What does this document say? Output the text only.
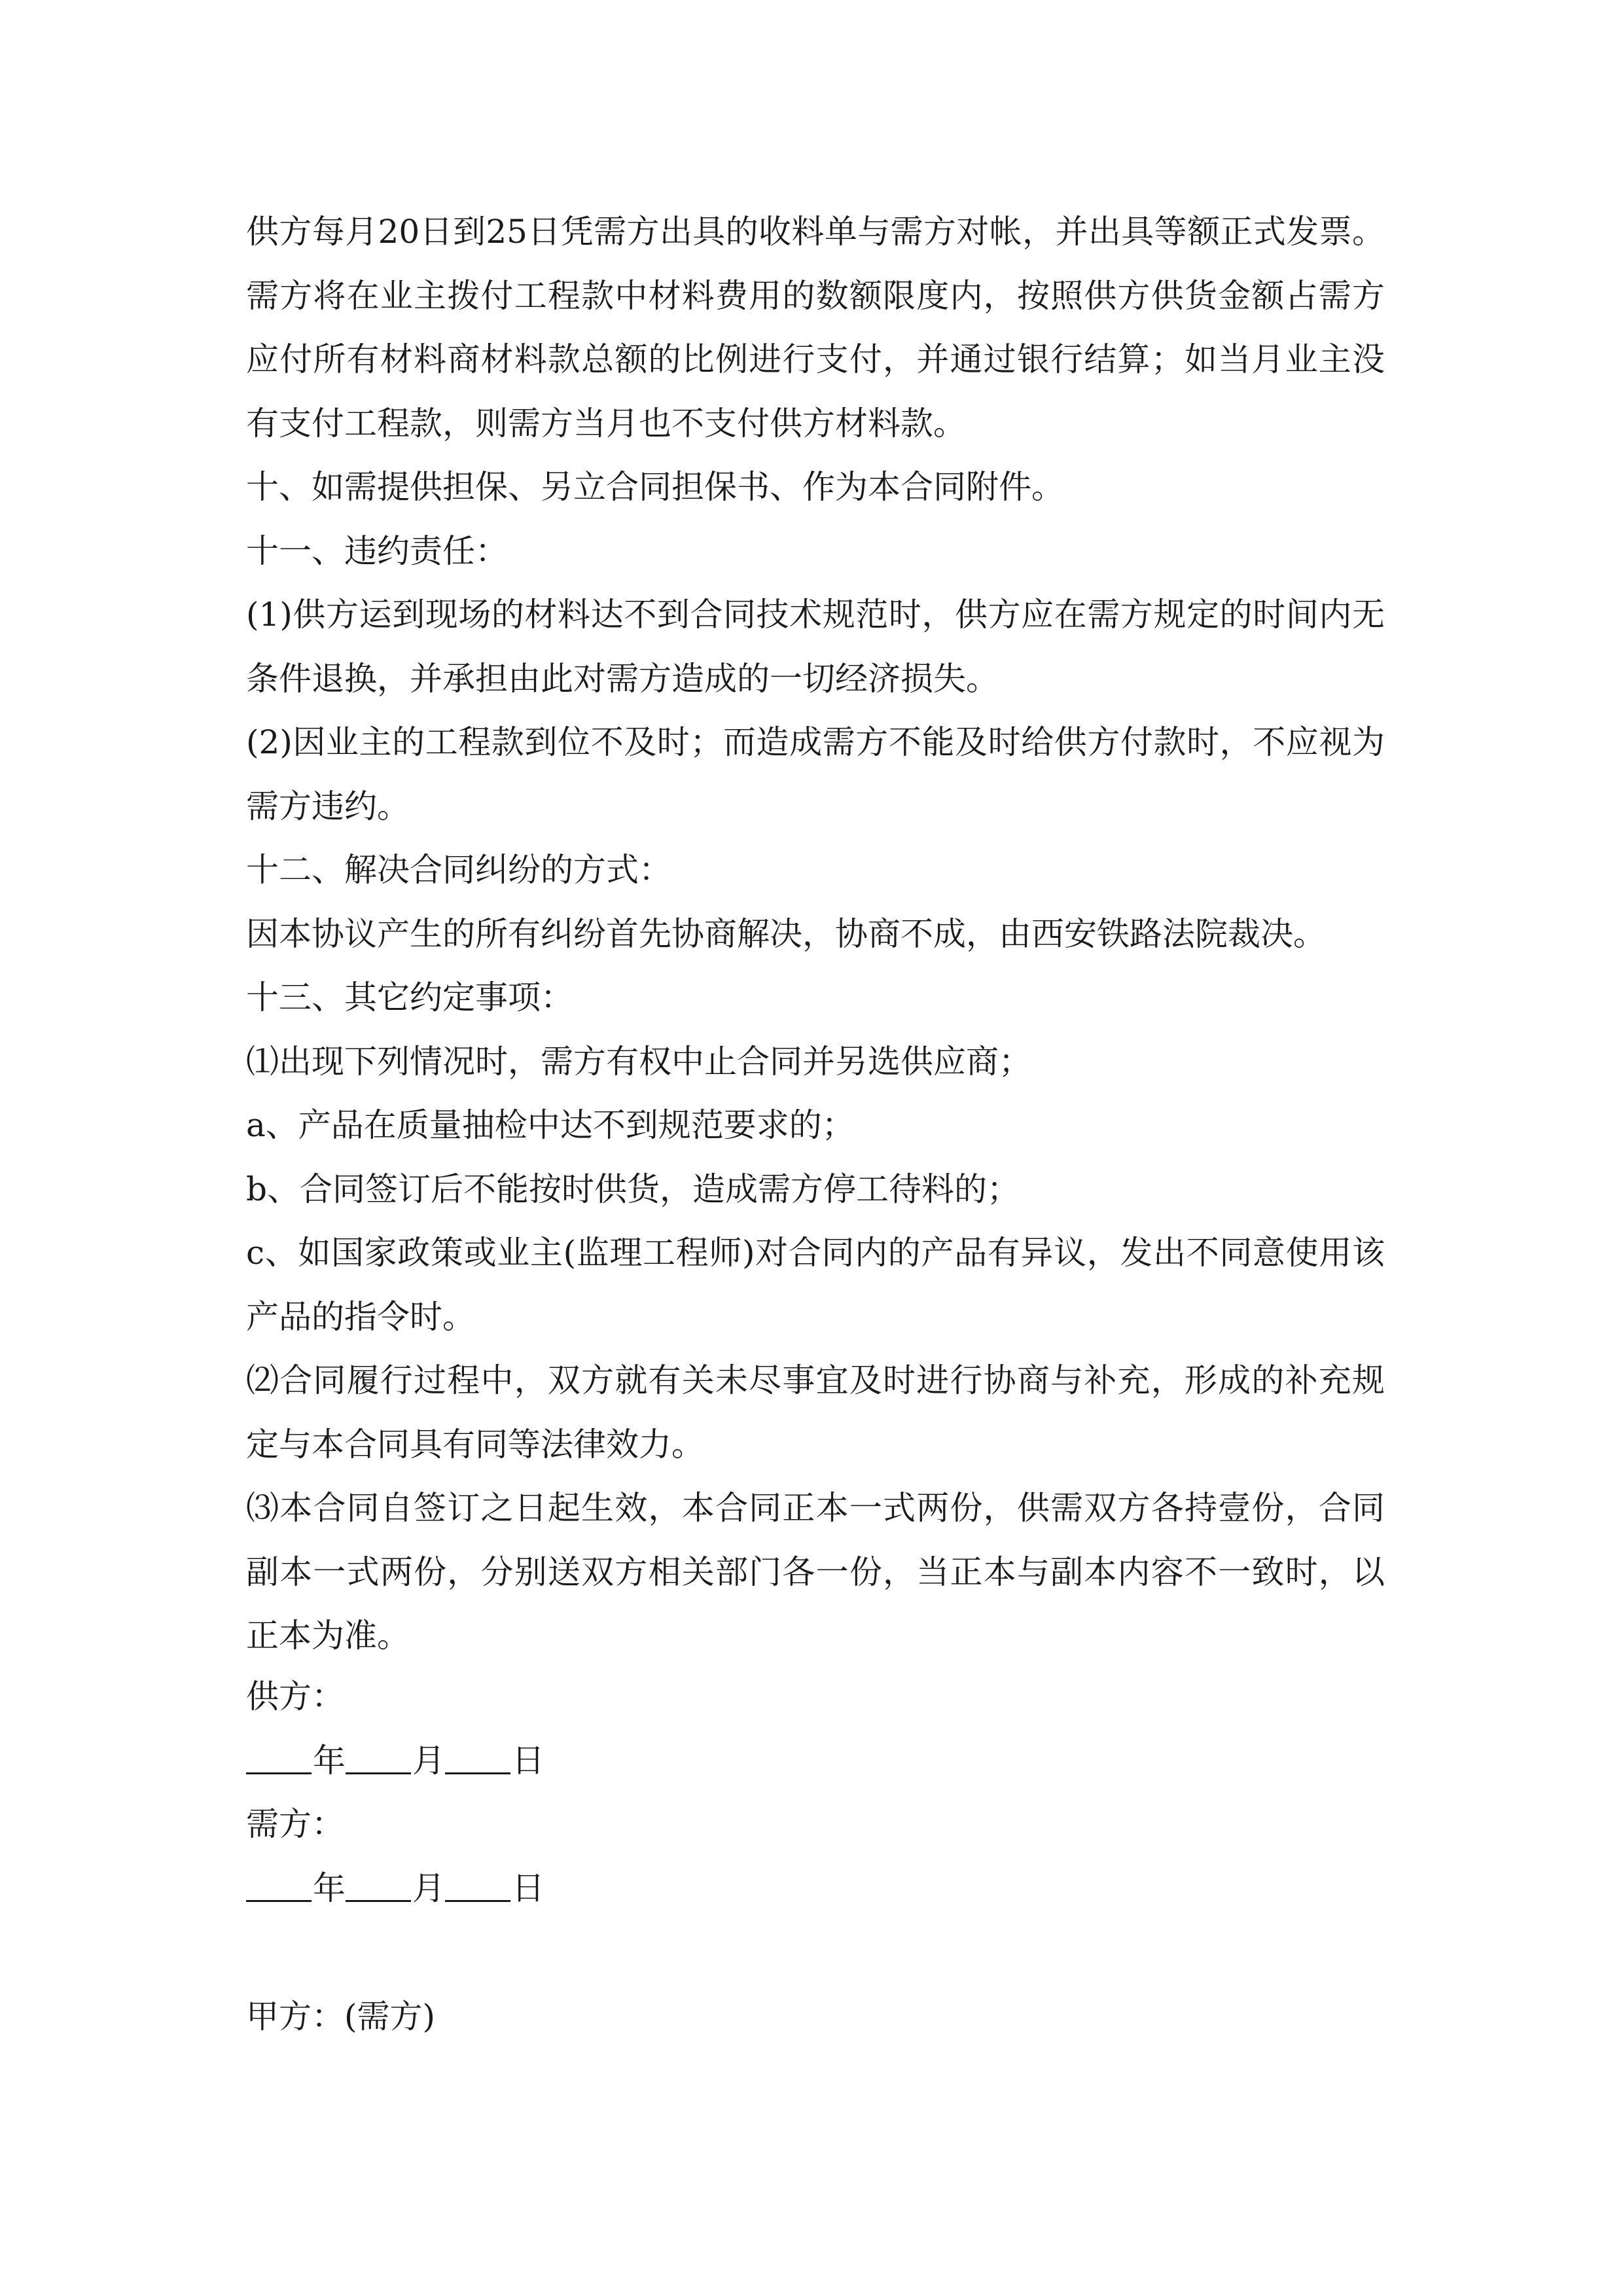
供方每月20日到25日凭需方出具的收料单与需方对帐，并出具等额正式发票。需方将在业主拨付工程款中材料费用的数额限度内，按照供方供货金额占需方应付所有材料商材料款总额的比例进行支付，并通过银行结算；如当月业主没有支付工程款，则需方当月也不支付供方材料款。

十、如需提供担保、另立合同担保书、作为本合同附件。

十一、违约责任：

(1)供方运到现场的材料达不到合同技术规范时，供方应在需方规定的时间内无条件退换，并承担由此对需方造成的一切经济损失。

(2)因业主的工程款到位不及时；而造成需方不能及时给供方付款时，不应视为需方违约。

十二、解决合同纠纷的方式：

因本协议产生的所有纠纷首先协商解决，协商不成，由西安铁路法院裁决。

十三、其它约定事项：

⑴出现下列情况时，需方有权中止合同并另选供应商；

a、产品在质量抽检中达不到规范要求的；

b、合同签订后不能按时供货，造成需方停工待料的；

c、如国家政策或业主(监理工程师)对合同内的产品有异议，发出不同意使用该产品的指令时。

⑵合同履行过程中，双方就有关未尽事宜及时进行协商与补充，形成的补充规定与本合同具有同等法律效力。

⑶本合同自签订之日起生效，本合同正本一式两份，供需双方各持壹份，合同副本一式两份，分别送双方相关部门各一份，当正本与副本内容不一致时，以正本为准。

供方：

年 月 日

需方：

年 月 日

甲方：(需方)
